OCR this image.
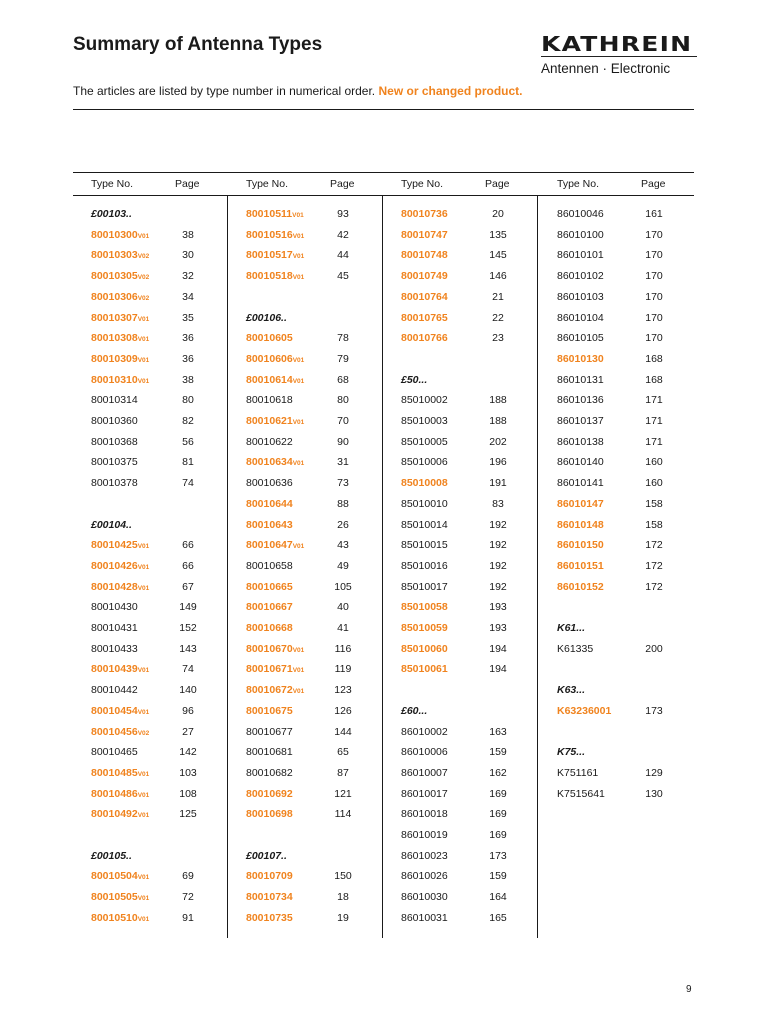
Summary of Antenna Types	KATHREIN
Antennen · Electronic
The articles are listed by type number in numerical order. New or changed product.
Type No.	Page	Type No.	Page	Type No.	Page	Type No.	Page
£00103..
80010300V01	38
80010303V02	30
80010305V02	32
80010306V02	34
80010307V01	35
80010308V01	36
80010309V01	36
80010310V01	38
80010314	80
80010360	82
80010368	56
80010375	81
80010378	74
£00104..
80010425V01	66
80010426V01	66
80010428V01	67
80010430	149
80010431	152
80010433	143
80010439V01	74
80010442	140
80010454V01	96
80010456V02	27
80010465	142
80010485V01	103
80010486V01	108
80010492V01	125
£00105..
80010504V01	69
80010505V01	72
80010510V01	91
80010511V01	93
80010516V01	42
80010517V01	44
80010518V01	45
£00106..
80010605	78
80010606V01	79
80010614V01	68
80010618	80
80010621V01	70
80010622	90
80010634V01	31
80010636	73
80010644	88
80010643	26
80010647V01	43
80010658	49
80010665	105
80010667	40
80010668	41
80010670V01	116
80010671V01	119
80010672V01	123
80010675	126
80010677	144
80010681	65
80010682	87
80010692	121
80010698	114
£00107..
80010709	150
80010734	18
80010735	19
80010736	20
80010747	135
80010748	145
80010749	146
80010764	21
80010765	22
80010766	23
£50...
85010002	188
85010003	188
85010005	202
85010006	196
85010008	191
85010010	83
85010014	192
85010015	192
85010016	192
85010017	192
85010058	193
85010059	193
85010060	194
85010061	194
£60...
86010002	163
86010006	159
86010007	162
86010017	169
86010018	169
86010019	169
86010023	173
86010026	159
86010030	164
86010031	165
86010046	161
86010100	170
86010101	170
86010102	170
86010103	170
86010104	170
86010105	170
86010130	168
86010131	168
86010136	171
86010137	171
86010138	171
86010140	160
86010141	160
86010147	158
86010148	158
86010150	172
86010151	172
86010152	172
K61...
K61335	200
K63...
K63236001	173
K75...
K751161	129
K7515641	130
9
